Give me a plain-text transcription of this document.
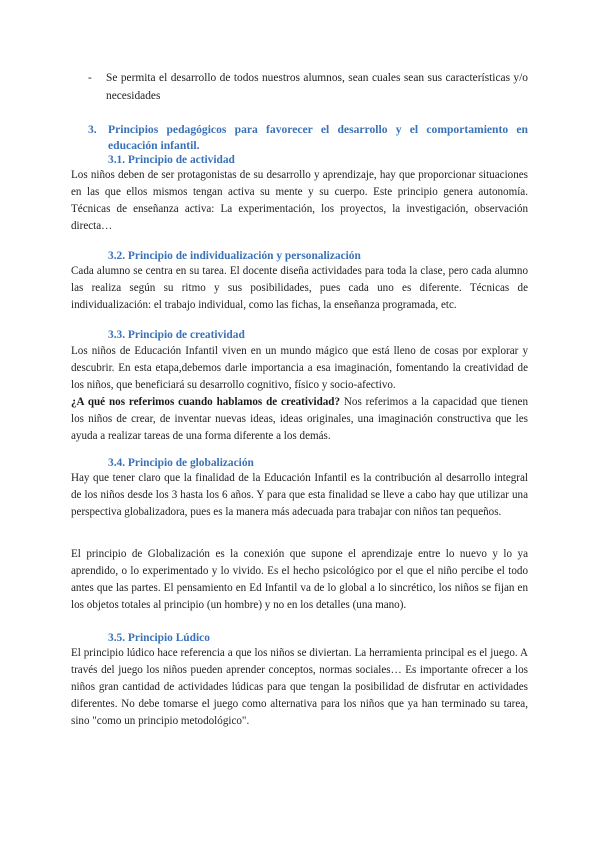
- Se permita el desarrollo de todos nuestros alumnos, sean cuales sean sus características y/o necesidades
3. Principios pedagógicos para favorecer el desarrollo y el comportamiento en educación infantil.
3.1. Principio de actividad
Los niños deben de ser protagonistas de su desarrollo y aprendizaje, hay que proporcionar situaciones en las que ellos mismos tengan activa su mente y su cuerpo. Este principio genera autonomía. Técnicas de enseñanza activa: La experimentación, los proyectos, la investigación, observación directa…
3.2. Principio de individualización y personalización
Cada alumno se centra en su tarea. El docente diseña actividades para toda la clase, pero cada alumno las realiza según su ritmo y sus posibilidades, pues cada uno es diferente. Técnicas de individualización: el trabajo individual, como las fichas, la enseñanza programada, etc.
3.3. Principio de creatividad

Los niños de Educación Infantil viven en un mundo mágico que está lleno de cosas por explorar y descubrir. En esta etapa,debemos darle importancia a esa imaginación, fomentando la creatividad de los niños, que beneficiará su desarrollo cognitivo, físico y socio-afectivo.

¿A qué nos referimos cuando hablamos de creatividad? Nos referimos a la capacidad que tienen los niños de crear, de inventar nuevas ideas, ideas originales, una imaginación constructiva que les ayuda a realizar tareas de una forma diferente a los demás.

3.4. Principio de globalización
Hay que tener claro que la finalidad de la Educación Infantil es la contribución al desarrollo integral de los niños desde los 3 hasta los 6 años. Y para que esta finalidad se lleve a cabo hay que utilizar una perspectiva globalizadora, pues es la manera más adecuada para trabajar con niños tan pequeños.
El principio de Globalización es la conexión que supone el aprendizaje entre lo nuevo y lo ya aprendido, o lo experimentado y lo vivido. Es el hecho psicológico por el que el niño percibe el todo antes que las partes. El pensamiento en Ed Infantil va de lo global a lo sincrético, los niños se fijan en los objetos totales al principio (un hombre) y no en los detalles (una mano).
3.5. Principio Lúdico
El principio lúdico hace referencia a que los niños se diviertan. La herramienta principal es el juego. A través del juego los niños pueden aprender conceptos, normas sociales… Es importante ofrecer a los niños gran cantidad de actividades lúdicas para que tengan la posibilidad de disfrutar en actividades diferentes. No debe tomarse el juego como alternativa para los niños que ya han terminado su tarea, sino "como un principio metodológico".
